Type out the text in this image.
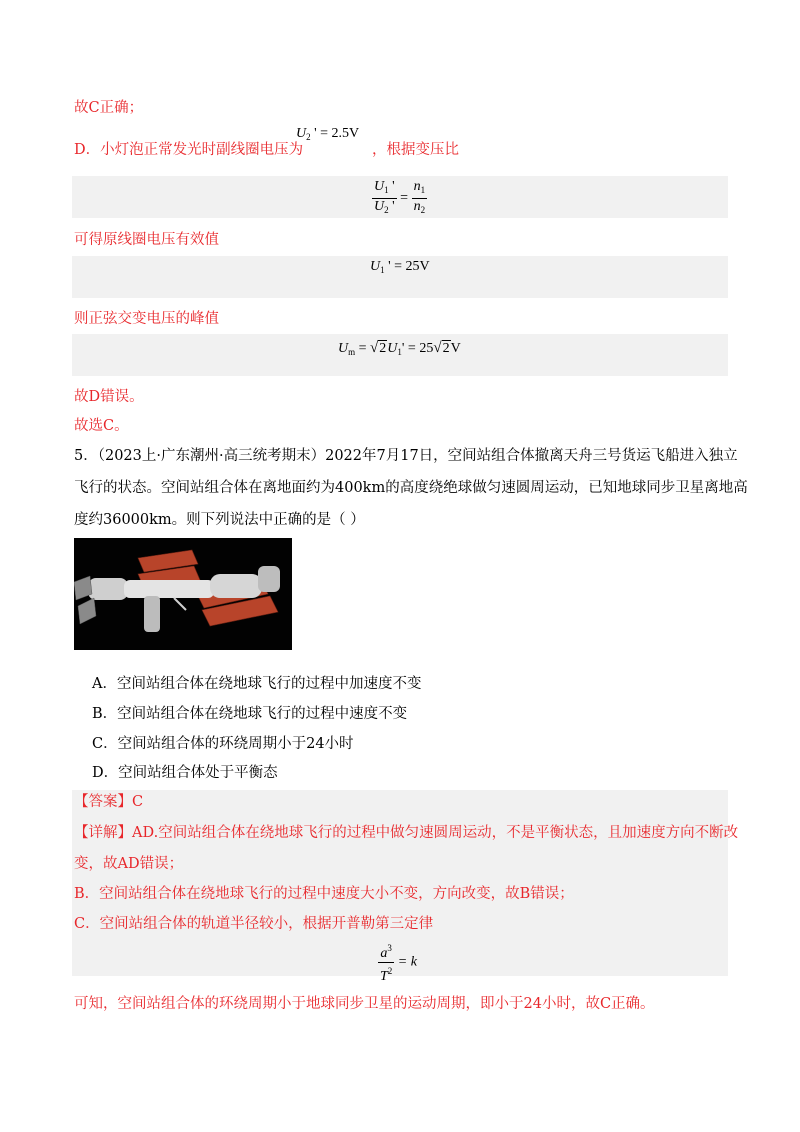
故C正确；
D．小灯泡正常发光时副线圈电压为
$U_2$ ' = 2.5V
，根据变压比
$\frac{U_1 '}{U_2 '} = \frac{n_1}{n_2}$
可得原线圈电压有效值
$U_1$ ' = 25V
则正弦交变电压的峰值
$U_m = √2U_1' = 25√2V$
故D错误。
故选C。
5．（2023上·广东潮州·高三统考期末）2022年7月17日，空间站组合体撤离天舟三号货运飞船进入独立
飞行的状态。空间站组合体在离地面约为400km的高度绕绝球做匀速圆周运动，已知地球同步卫星离地高
度约36000km。则下列说法中正确的是（ ）
A．空间站组合体在绕地球飞行的过程中加速度不变
B．空间站组合体在绕地球飞行的过程中速度不变
C．空间站组合体的环绕周期小于24小时
D．空间站组合体处于平衡态
【答案】C
【详解】AD.空间站组合体在绕地球飞行的过程中做匀速圆周运动，不是平衡状态，且加速度方向不断改
变，故AD错误；
B．空间站组合体在绕地球飞行的过程中速度大小不变，方向改变，故B错误；
C．空间站组合体的轨道半径较小，根据开普勒第三定律
$\frac{a^3}{T^2} = k$
可知，空间站组合体的环绕周期小于地球同步卫星的运动周期，即小于24小时，故C正确。
